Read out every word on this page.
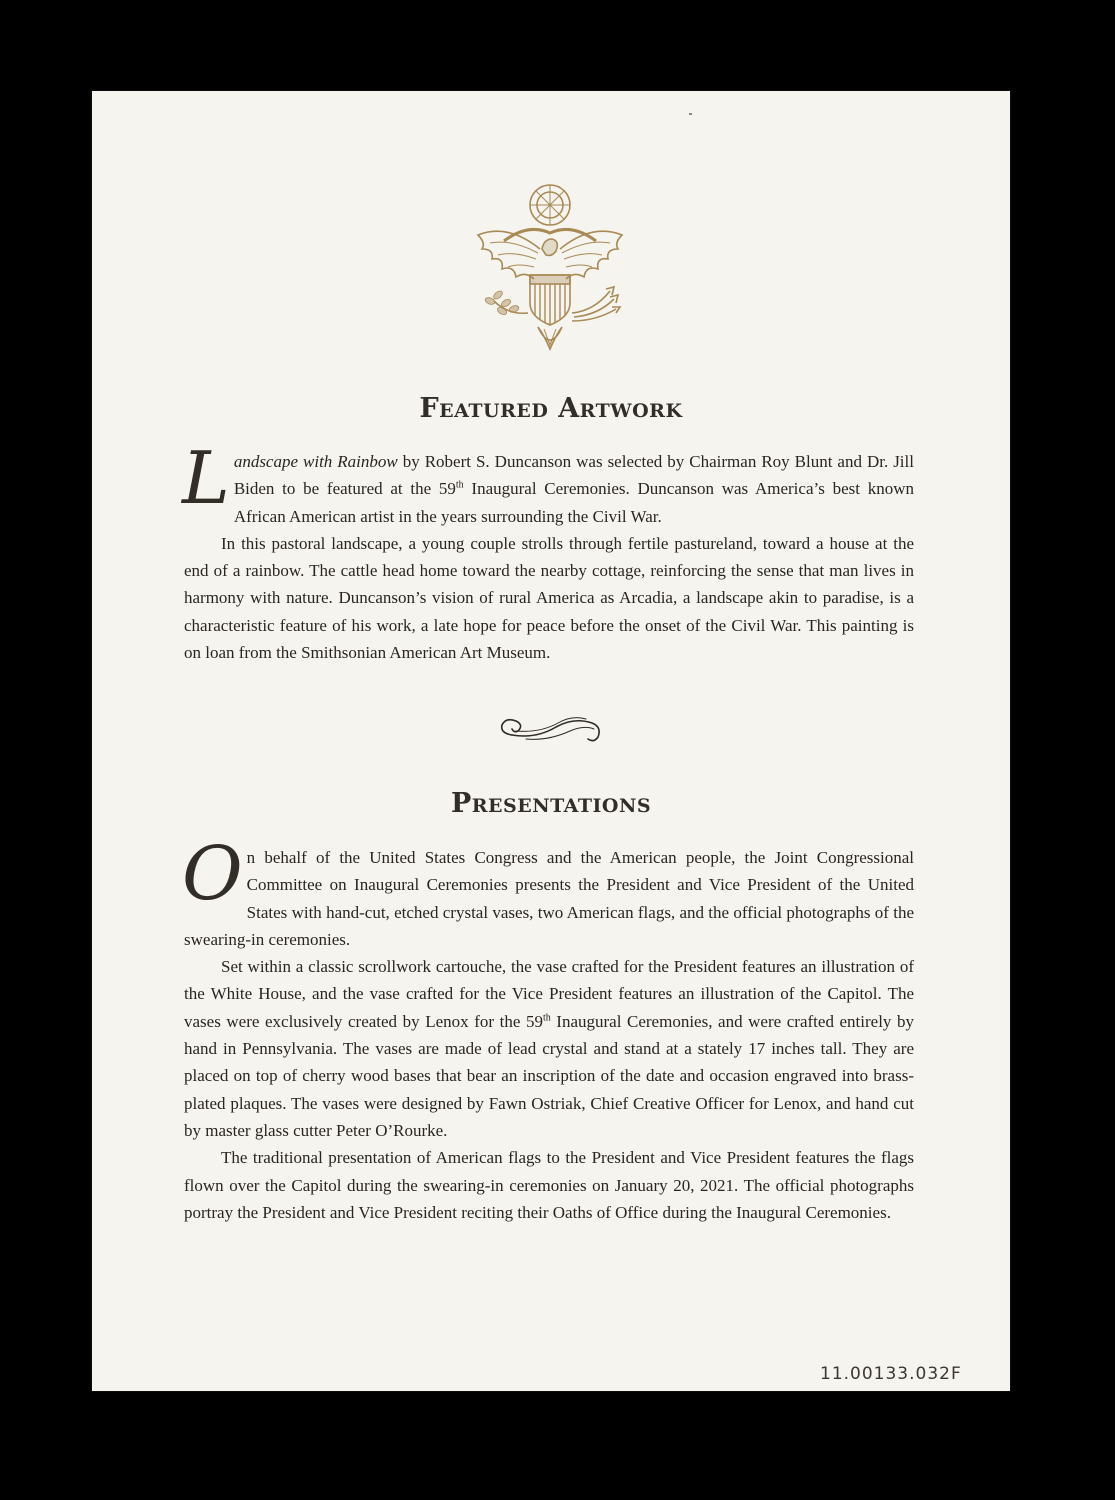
Featured Artwork

Landscape with Rainbow by Robert S. Duncanson was selected by Chairman Roy Blunt and Dr. Jill Biden to be featured at the 59th Inaugural Ceremonies. Duncanson was America’s best known African American artist in the years surrounding the Civil War.

In this pastoral landscape, a young couple strolls through fertile pastureland, toward a house at the end of a rainbow. The cattle head home toward the nearby cottage, reinforcing the sense that man lives in harmony with nature. Duncanson’s vision of rural America as Arcadia, a landscape akin to paradise, is a characteristic feature of his work, a late hope for peace before the onset of the Civil War. This painting is on loan from the Smithsonian American Art Museum.

Presentations

On behalf of the United States Congress and the American people, the Joint Congressional Committee on Inaugural Ceremonies presents the President and Vice President of the United States with hand-cut, etched crystal vases, two American flags, and the official photographs of the swearing-in ceremonies.

Set within a classic scrollwork cartouche, the vase crafted for the President features an illustration of the White House, and the vase crafted for the Vice President features an illustration of the Capitol. The vases were exclusively created by Lenox for the 59th Inaugural Ceremonies, and were crafted entirely by hand in Pennsylvania. The vases are made of lead crystal and stand at a stately 17 inches tall. They are placed on top of cherry wood bases that bear an inscription of the date and occasion engraved into brass-plated plaques. The vases were designed by Fawn Ostriak, Chief Creative Officer for Lenox, and hand cut by master glass cutter Peter O’Rourke.

The traditional presentation of American flags to the President and Vice President features the flags flown over the Capitol during the swearing-in ceremonies on January 20, 2021. The official photographs portray the President and Vice President reciting their Oaths of Office during the Inaugural Ceremonies.

11.00133.032F
